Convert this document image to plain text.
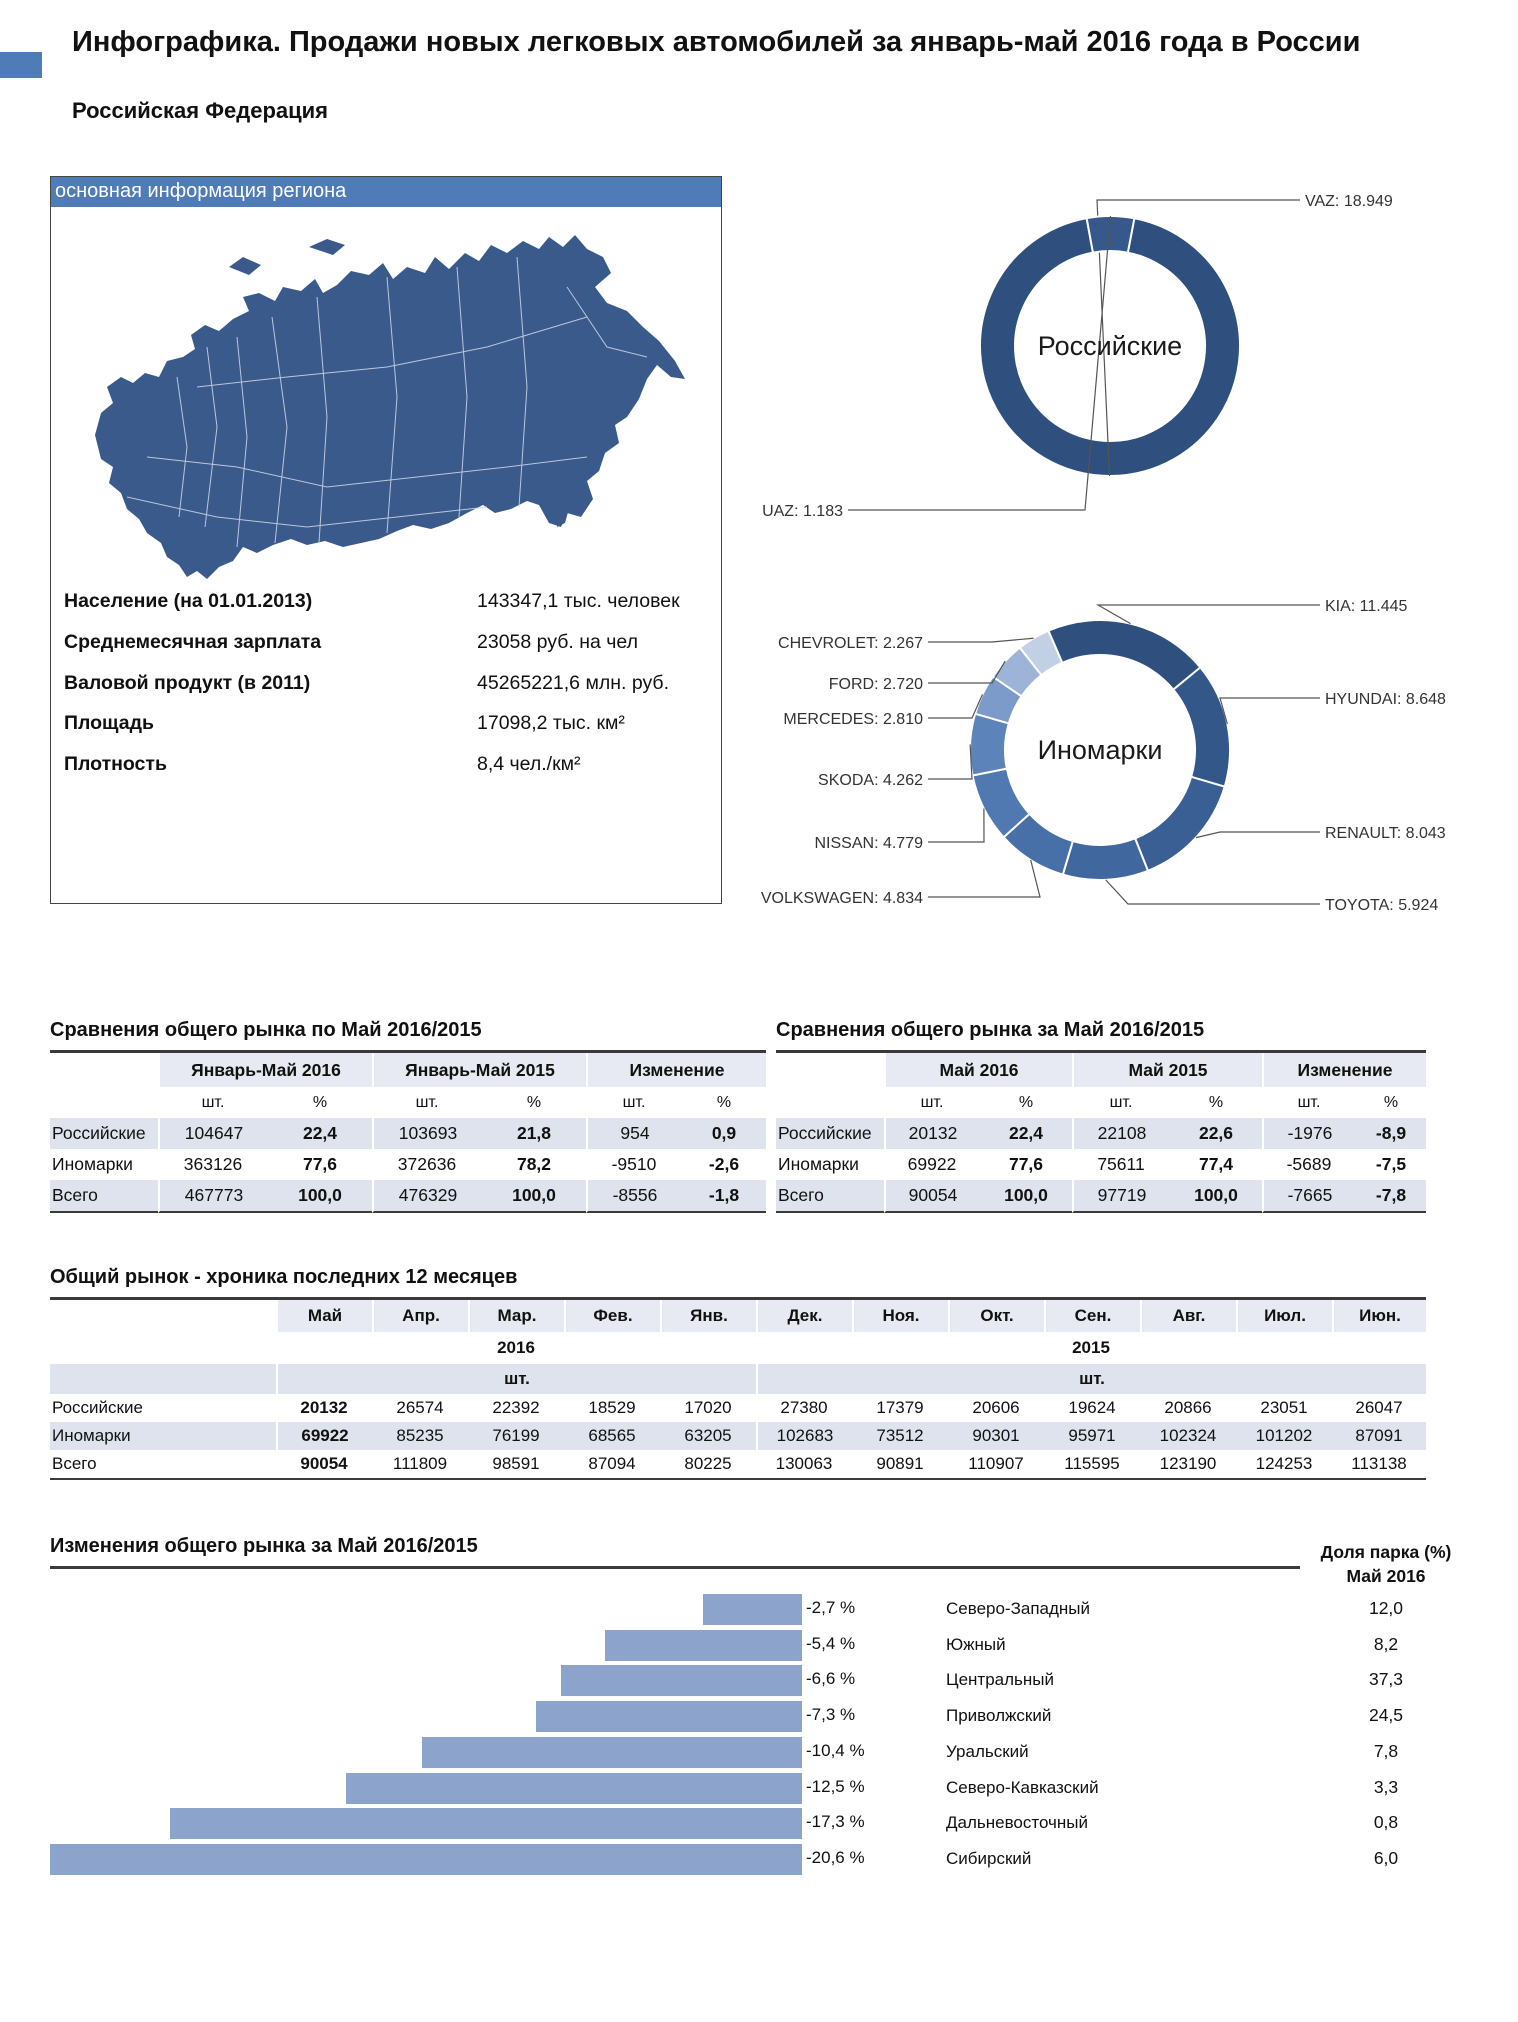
Инфографика. Продажи новых легковых автомобилей за январь-май 2016 года в России
Российская Федерация
основная информация региона
Население (на 01.01.2013)	143347,1 тыс. человек
Среднемесячная зарплата	23058 руб. на чел
Валовой продукт (в 2011)	45265221,6 млн. руб.
Площадь	17098,2 тыс. км²
Плотность	8,4 чел./км²
VAZ: 18.949
UAZ: 1.183
Российские
KIA: 11.445
HYUNDAI: 8.648
RENAULT: 8.043
TOYOTA: 5.924
VOLKSWAGEN: 4.834
NISSAN: 4.779
SKODA: 4.262
MERCEDES: 2.810
FORD: 2.720
CHEVROLET: 2.267
Иномарки
Сравнения общего рынка по Май 2016/2015
	Январь-Май 2016		Январь-Май 2015		Изменение	
	шт.	%	шт.	%	шт.	%
Российские	104647	22,4	103693	21,8	954	0,9
Иномарки	363126	77,6	372636	78,2	-9510	-2,6
Всего	467773	100,0	476329	100,0	-8556	-1,8
Сравнения общего рынка за Май 2016/2015
	Май 2016		Май 2015		Изменение	
	шт.	%	шт.	%	шт.	%
Российские	20132	22,4	22108	22,6	-1976	-8,9
Иномарки	69922	77,6	75611	77,4	-5689	-7,5
Всего	90054	100,0	97719	100,0	-7665	-7,8
Общий рынок - хроника последних 12 месяцев
	Май	Апр.	Мар.	Фев.	Янв.	Дек.	Ноя.	Окт.	Сен.	Авг.	Июл.	Июн.
	2016					2015						
	шт.					шт.						
Российские	20132	26574	22392	18529	17020	27380	17379	20606	19624	20866	23051	26047
Иномарки	69922	85235	76199	68565	63205	102683	73512	90301	95971	102324	101202	87091
Всего	90054	111809	98591	87094	80225	130063	90891	110907	115595	123190	124253	113138
Изменения общего рынка за Май 2016/2015	Доля парка (%)
Май 2016
-2,7 %	Северо-Западный	12,0
-5,4 %	Южный	8,2
-6,6 %	Центральный	37,3
-7,3 %	Приволжский	24,5
-10,4 %	Уральский	7,8
-12,5 %	Северо-Кавказский	3,3
-17,3 %	Дальневосточный	0,8
-20,6 %	Сибирский	6,0
